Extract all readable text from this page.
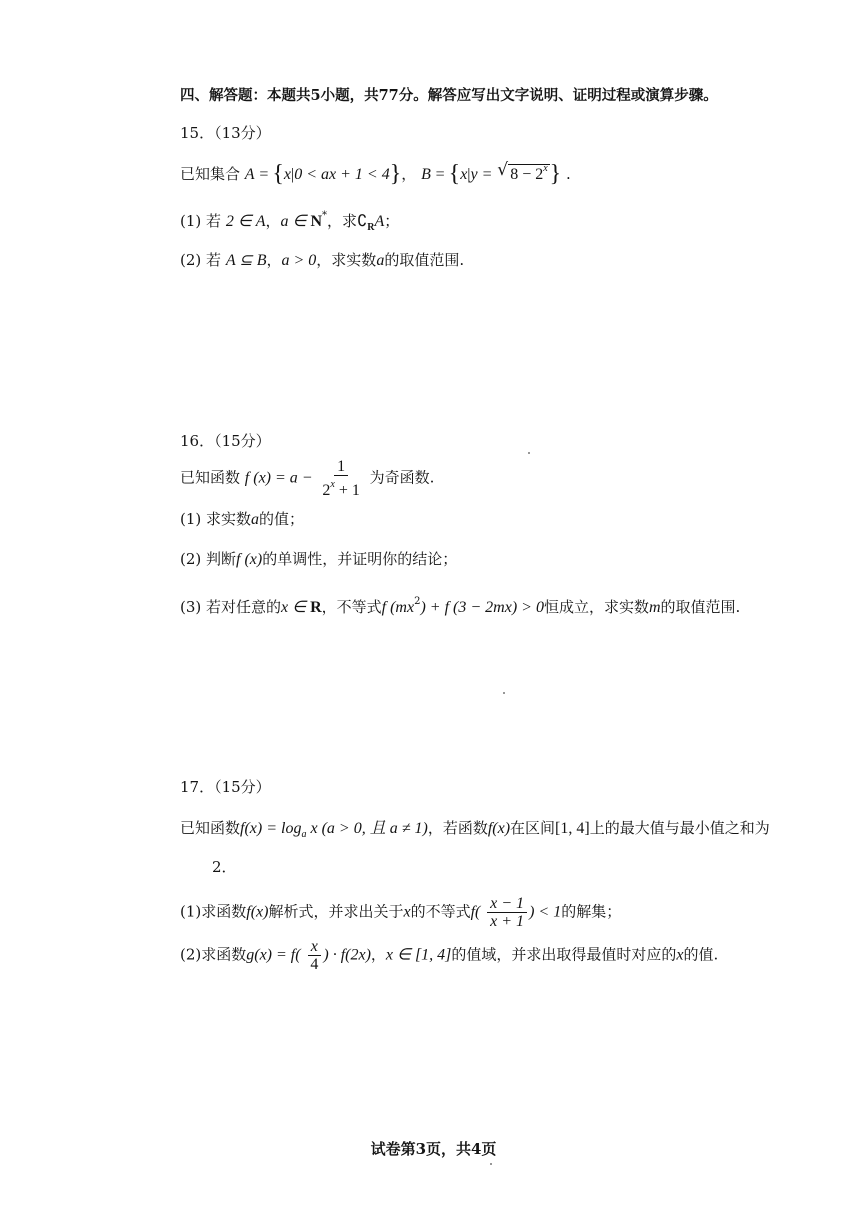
四、解答题：本题共5小题，共77分。解答应写出文字说明、证明过程或演算步骤。
15．（13分）
已知集合 A = {x|0 < ax + 1 < 4}， B = {x|y = √ $8 - 2^x$} .
(1) 若 2 ∈ A，a ∈ N*，求$∁_RA$；
(2) 若 A ⊆ B，a > 0，求实数a的取值范围.
16．（15分）
已知函数 f $(x) = a - \frac{1}{2^x + 1}$ 为奇函数.
(1) 求实数a的值；
(2) 判断f (x)的单调性，并证明你的结论；
(3) 若对任意的x ∈ R，不等式f $(mx^2) + f$ (3 − 2mx) > 0恒成立，求实数m的取值范围.
17．（15分）
已知函数$f(x) = \log_a x$ (a > 0, 且 a ≠ 1)，若函数f(x)在区间[1, 4]上的最大值与最小值之和为
2．
(1)求函数f(x)解析式，并求出关于x的不等式$f( \frac{x - 1}{x + 1}$ ) < 1的解集；
(2)求函数$g(x) = f( \frac{x}{4}$ ) · f(2x)，x ∈ [1, 4]的值域，并求出取得最值时对应的x的值.
试卷第3页，共4页
